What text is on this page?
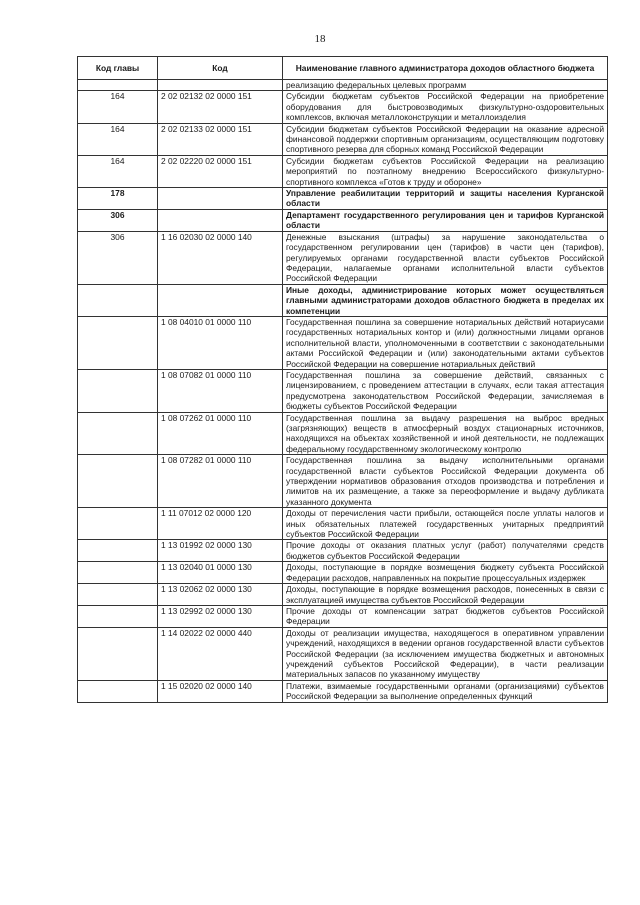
18
Код главы	Код	Наименование главного администратора доходов областного бюджета
		реализацию федеральных целевых программ
164	2 02 02132 02 0000 151	Субсидии бюджетам субъектов Российской Федерации на приобретение оборудования для быстровозводимых физкультурно-оздоровительных комплексов, включая металлоконструкции и металлоизделия
164	2 02 02133 02 0000 151	Субсидии бюджетам субъектов Российской Федерации на оказание адресной финансовой поддержки спортивным организациям, осуществляющим подготовку спортивного резерва для сборных команд Российской Федерации
164	2 02 02220 02 0000 151	Субсидии бюджетам субъектов Российской Федерации на реализацию мероприятий по поэтапному внедрению Всероссийского физкультурно-спортивного комплекса «Готов к труду и обороне»
178		Управление реабилитации территорий и защиты населения Курганской области
306		Департамент государственного регулирования цен и тарифов Курганской области
306	1 16 02030 02 0000 140	Денежные взыскания (штрафы) за нарушение законодательства о государственном регулировании цен (тарифов) в части цен (тарифов), регулируемых органами государственной власти субъектов Российской Федерации, налагаемые органами исполнительной власти субъектов Российской Федерации
		Иные доходы, администрирование которых может осуществляться главными администраторами доходов областного бюджета в пределах их компетенции
	1 08 04010 01 0000 110	Государственная пошлина за совершение нотариальных действий нотариусами государственных нотариальных контор и (или) должностными лицами органов исполнительной власти, уполномоченными в соответствии с законодательными актами Российской Федерации и (или) законодательными актами субъектов Российской Федерации на совершение нотариальных действий
	1 08 07082 01 0000 110	Государственная пошлина за совершение действий, связанных с лицензированием, с проведением аттестации в случаях, если такая аттестация предусмотрена законодательством Российской Федерации, зачисляемая в бюджеты субъектов Российской Федерации
	1 08 07262 01 0000 110	Государственная пошлина за выдачу разрешения на выброс вредных (загрязняющих) веществ в атмосферный воздух стационарных источников, находящихся на объектах хозяйственной и иной деятельности, не подлежащих федеральному государственному экологическому контролю
	1 08 07282 01 0000 110	Государственная пошлина за выдачу исполнительными органами государственной власти субъектов Российской Федерации документа об утверждении нормативов образования отходов производства и потребления и лимитов на их размещение, а также за переоформление и выдачу дубликата указанного документа
	1 11 07012 02 0000 120	Доходы от перечисления части прибыли, остающейся после уплаты налогов и иных обязательных платежей государственных унитарных предприятий субъектов Российской Федерации
	1 13 01992 02 0000 130	Прочие доходы от оказания платных услуг (работ) получателями средств бюджетов субъектов Российской Федерации
	1 13 02040 01 0000 130	Доходы, поступающие в порядке возмещения бюджету субъекта Российской Федерации расходов, направленных на покрытие процессуальных издержек
	1 13 02062 02 0000 130	Доходы, поступающие в порядке возмещения расходов, понесенных в связи с эксплуатацией имущества субъектов Российской Федерации
	1 13 02992 02 0000 130	Прочие доходы от компенсации затрат бюджетов субъектов Российской Федерации
	1 14 02022 02 0000 440	Доходы от реализации имущества, находящегося в оперативном управлении учреждений, находящихся в ведении органов государственной власти субъектов Российской Федерации (за исключением имущества бюджетных и автономных учреждений субъектов Российской Федерации), в части реализации материальных запасов по указанному имуществу
	1 15 02020 02 0000 140	Платежи, взимаемые государственными органами (организациями) субъектов Российской Федерации за выполнение определенных функций
